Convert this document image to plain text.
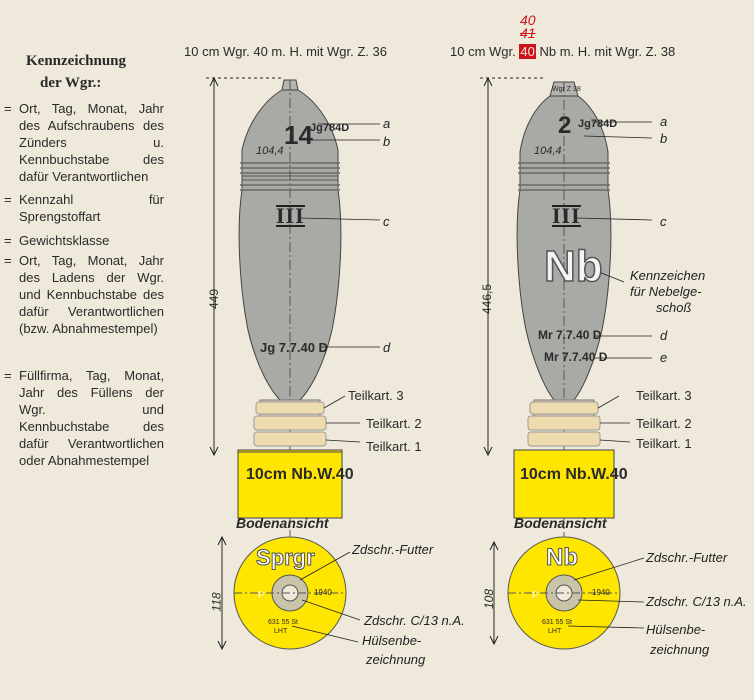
Kennzeichnung
der Wgr.:
= Ort, Tag, Monat, Jahr des Aufschraubens des Zünders u. Kennbuchstabe des dafür Verantwortlichen
= Kennzahl für Sprengstoffart
= Gewichtsklasse
= Ort, Tag, Monat, Jahr des Ladens der Wgr. und Kennbuchstabe des dafür Verantwortlichen (bzw. Abnahmestempel)
= Füllfirma, Tag, Monat, Jahr des Füllens der Wgr. und Kennbuchstabe des dafür Verantwortlichen oder Abnahmestempel
10 cm Wgr. 40 m. H. mit Wgr. Z. 36	10 cm Wgr. 40 Nb m. H. mit Wgr. Z. 38
40
41
14
Jg784D
104,4
III
Jg 7.7.40 D
449
a
b
c
d
Teilkart. 3
Teilkart. 2
Teilkart. 1
10cm Nb.W.40
Bodenansicht
Sprgr
118	P	1940
631 55 St
LHT
Zdschr.-Futter
Zdschr. C/13 n.A.
Hülsenbe-
zeichnung
Wgr Z 38
2 Jg784D
104,4
III
Nb
Mr 7.7.40 D
Mr 7.7.40 D
446,5
a
b
c
d
e
Kennzeichen
für Nebelge-
schoß
Teilkart. 3
Teilkart. 2
Teilkart. 1
10cm Nb.W.40
Bodenansicht
Nb
108	P	1940
631 55 St
LHT
Zdschr.-Futter
Zdschr. C/13 n.A.
Hülsenbe-
zeichnung
